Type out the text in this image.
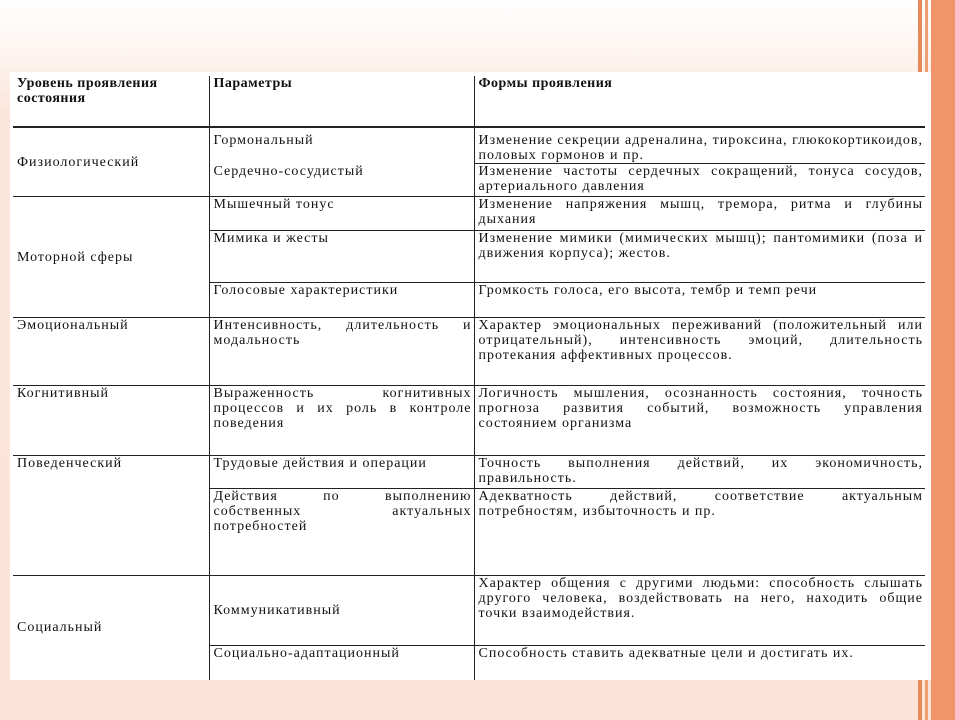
Уровень проявления состояния	Параметры	Формы проявления
Физиологический	Гормональный	Изменение секреции адреналина, тироксина, глюкокортикоидов, половых гормонов и пр.
	Сердечно-сосудистый	Изменение частоты сердечных сокращений, тонуса сосудов, артериального давления
Моторной сферы	Мышечный тонус	Изменение напряжения мышц, тремора, ритма и глубины дыхания
	Мимика и жесты	Изменение мимики (мимических мышц); пантомимики (поза и движения корпуса); жестов.
	Голосовые характеристики	Громкость голоса, его высота, тембр и темп речи
Эмоциональный	Интенсивность, длительность и модальность	Характер эмоциональных переживаний (положительный или отрицательный), интенсивность эмоций, длительность протекания аффективных процессов.
Когнитивный	Выраженность когнитивных процессов и их роль в контроле поведения	Логичность мышления, осознанность состояния, точность прогноза развития событий, возможность управления состоянием организма
Поведенческий	Трудовые действия и операции	Точность выполнения действий, их экономичность, правильность.
	Действия по выполнению собственных актуальных потребностей	Адекватность действий, соответствие актуальным потребностям, избыточность и пр.
Социальный	Коммуникативный	Характер общения с другими людьми: способность слышать другого человека, воздействовать на него, находить общие точки взаимодействия.
	Социально-адаптационный	Способность ставить адекватные цели и достигать их.
